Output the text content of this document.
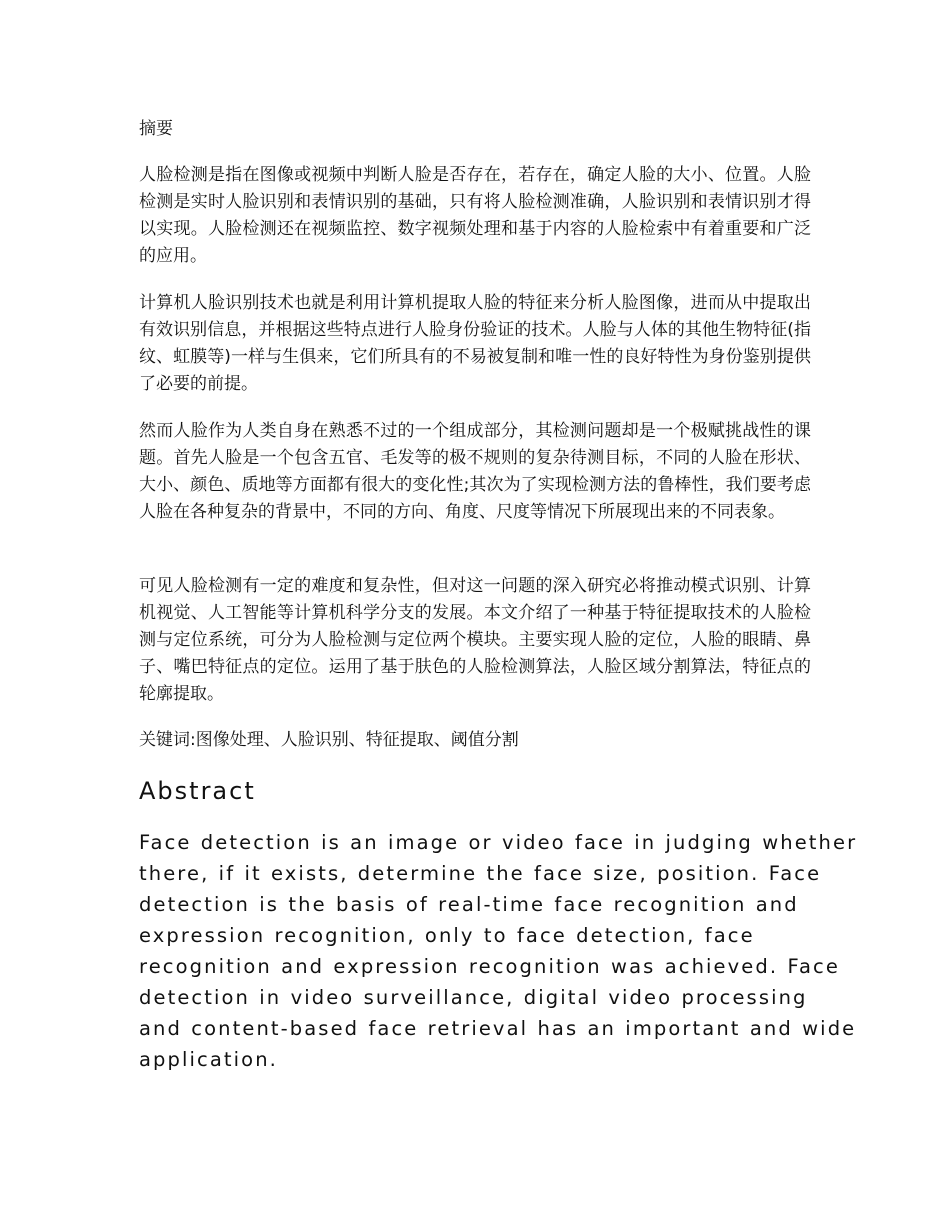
摘要

人脸检测是指在图像或视频中判断人脸是否存在，若存在，确定人脸的大小、位置。人脸检测是实时人脸识别和表情识别的基础，只有将人脸检测准确，人脸识别和表情识别才得以实现。人脸检测还在视频监控、数字视频处理和基于内容的人脸检索中有着重要和广泛的应用。

计算机人脸识别技术也就是利用计算机提取人脸的特征来分析人脸图像，进而从中提取出有效识别信息，并根据这些特点进行人脸身份验证的技术。人脸与人体的其他生物特征(指纹、虹膜等)一样与生俱来，它们所具有的不易被复制和唯一性的良好特性为身份鉴别提供了必要的前提。

然而人脸作为人类自身在熟悉不过的一个组成部分，其检测问题却是一个极赋挑战性的课题。首先人脸是一个包含五官、毛发等的极不规则的复杂待测目标，不同的人脸在形状、大小、颜色、质地等方面都有很大的变化性;其次为了实现检测方法的鲁棒性，我们要考虑人脸在各种复杂的背景中，不同的方向、角度、尺度等情况下所展现出来的不同表象。

可见人脸检测有一定的难度和复杂性，但对这一问题的深入研究必将推动模式识别、计算机视觉、人工智能等计算机科学分支的发展。本文介绍了一种基于特征提取技术的人脸检测与定位系统，可分为人脸检测与定位两个模块。主要实现人脸的定位，人脸的眼睛、鼻子、嘴巴特征点的定位。运用了基于肤色的人脸检测算法，人脸区域分割算法，特征点的轮廓提取。

关键词:图像处理、人脸识别、特征提取、阈值分割

Abstract

Face detection is an image or video face in judging whether
there, if it exists, determine the face size, position. Face
detection is the basis of real-time face recognition and
expression recognition, only to face detection, face
recognition and expression recognition was achieved. Face
detection in video surveillance, digital video processing
and content-based face retrieval has an important and wide
application.
